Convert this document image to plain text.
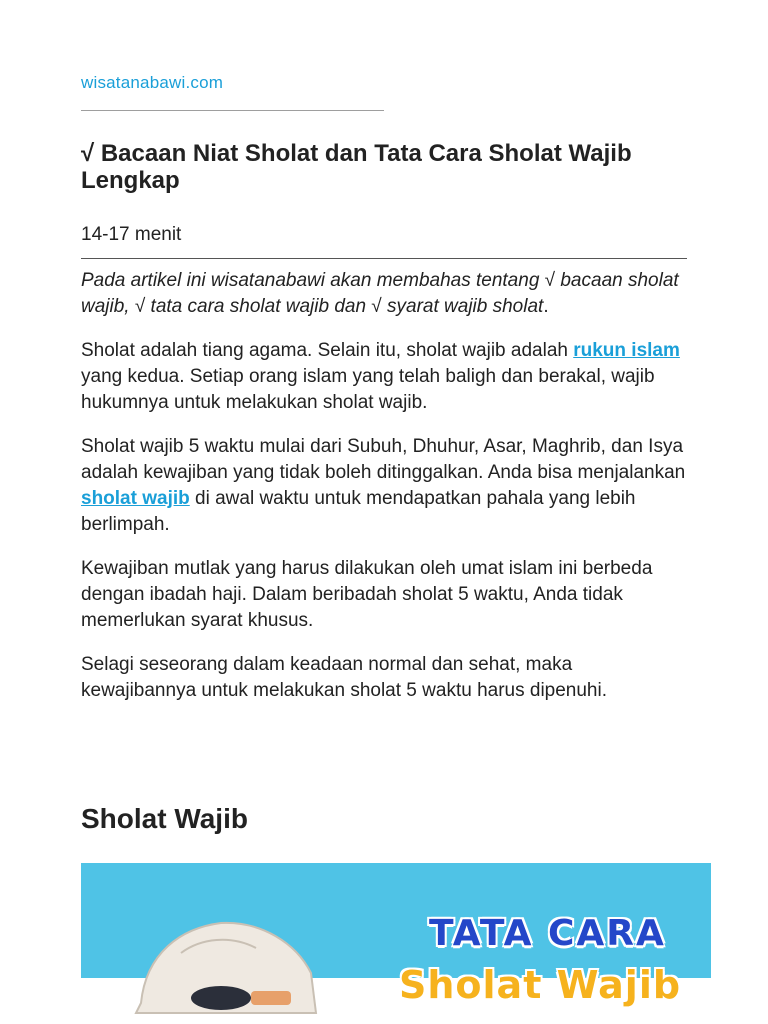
wisatanabawi.com
√ Bacaan Niat Sholat dan Tata Cara Sholat Wajib Lengkap
14-17 menit

Pada artikel ini wisatanabawi akan membahas tentang √ bacaan sholat wajib, √ tata cara sholat wajib dan √ syarat wajib sholat.

Sholat adalah tiang agama. Selain itu, sholat wajib adalah rukun islam yang kedua. Setiap orang islam yang telah baligh dan berakal, wajib hukumnya untuk melakukan sholat wajib.

Sholat wajib 5 waktu mulai dari Subuh, Dhuhur, Asar, Maghrib, dan Isya adalah kewajiban yang tidak boleh ditinggalkan. Anda bisa menjalankan sholat wajib di awal waktu untuk mendapatkan pahala yang lebih berlimpah.

Kewajiban mutlak yang harus dilakukan oleh umat islam ini berbeda dengan ibadah haji. Dalam beribadah sholat 5 waktu, Anda tidak memerlukan syarat khusus.

Selagi seseorang dalam keadaan normal dan sehat, maka kewajibannya untuk melakukan sholat 5 waktu harus dipenuhi.

Sholat Wajib
TATA CARA
Sholat Wajib
